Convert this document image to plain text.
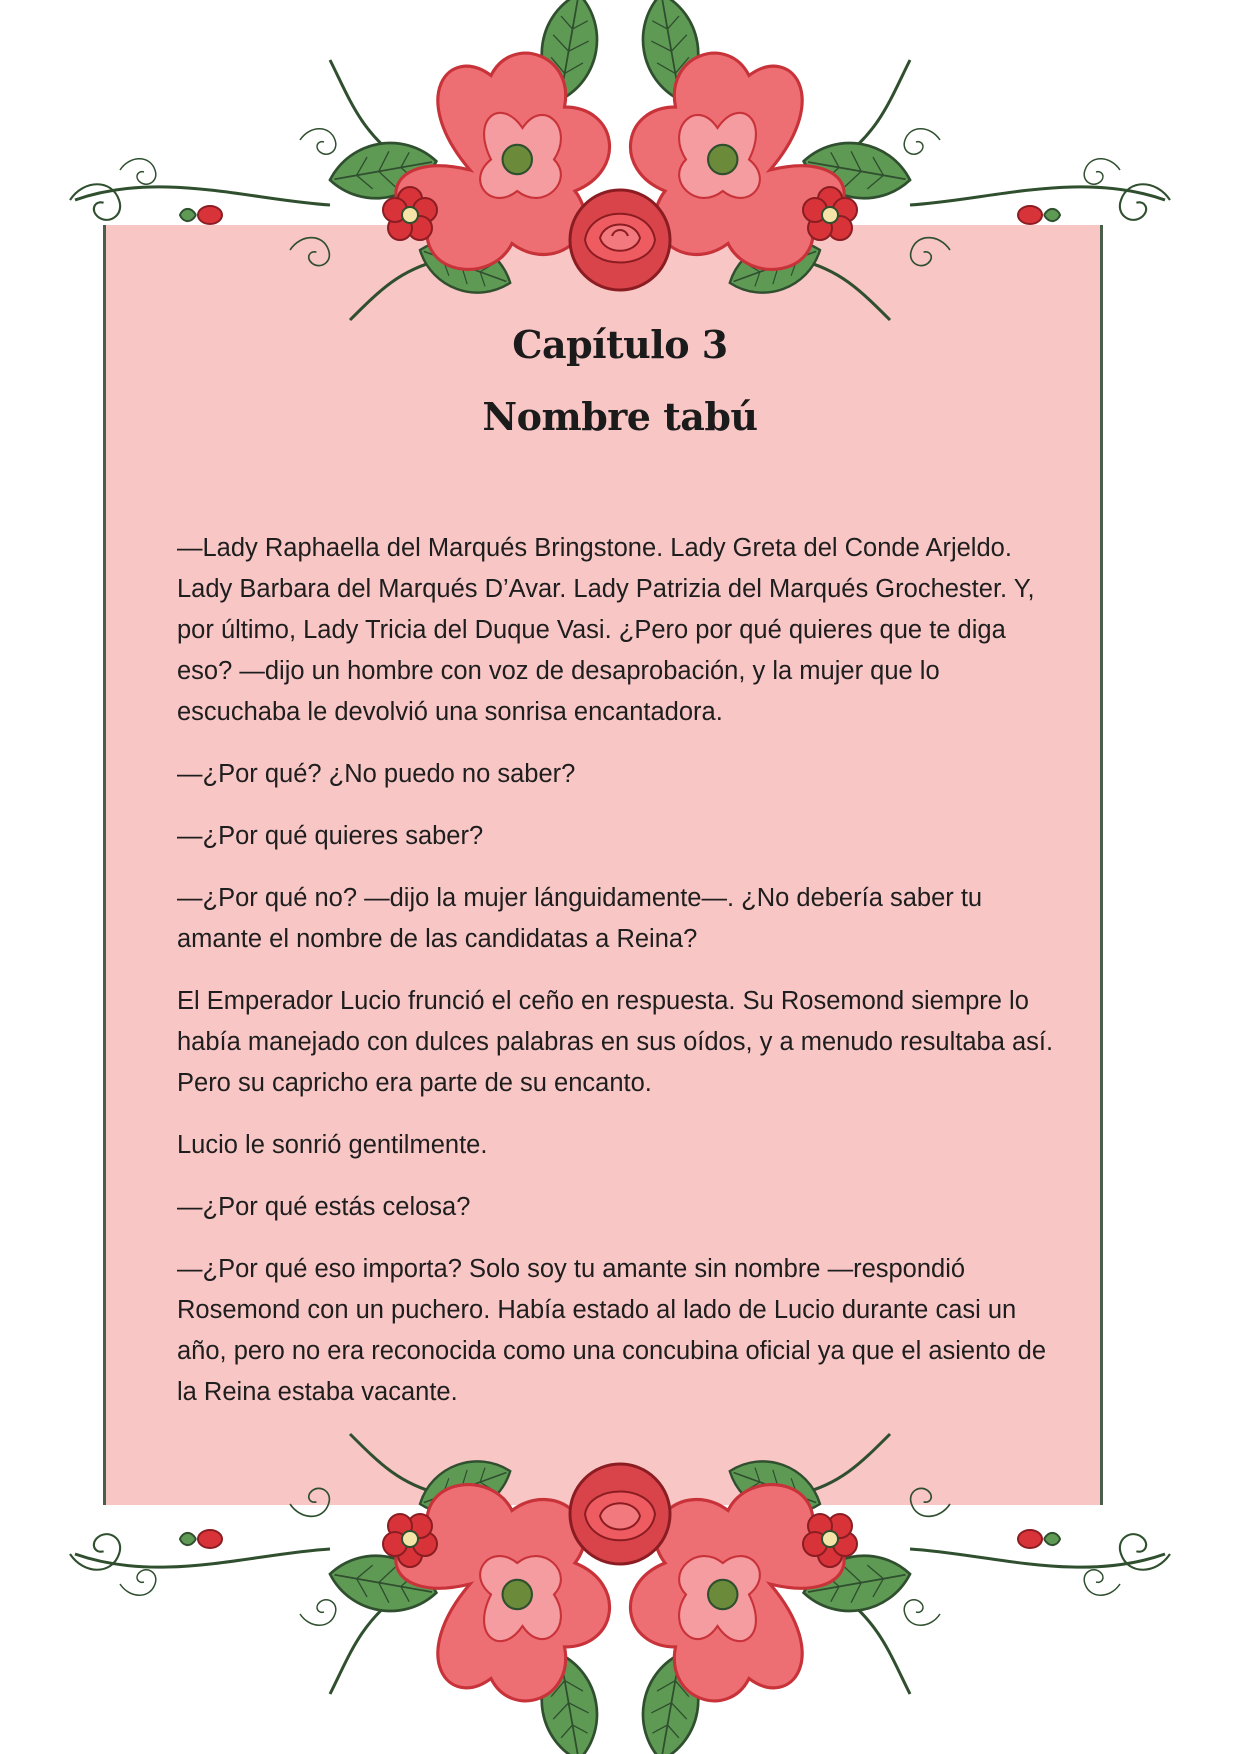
Capítulo 3
Nombre tabú

—Lady Raphaella del Marqués Bringstone. Lady Greta del Conde Arjeldo. Lady Barbara del Marqués D’Avar. Lady Patrizia del Marqués Grochester. Y, por último, Lady Tricia del Duque Vasi. ¿Pero por qué quieres que te diga eso? —dijo un hombre con voz de desaprobación, y la mujer que lo escuchaba le devolvió una sonrisa encantadora.

—¿Por qué? ¿No puedo no saber?

—¿Por qué quieres saber?

—¿Por qué no? —dijo la mujer lánguidamente—. ¿No debería saber tu amante el nombre de las candidatas a Reina?

El Emperador Lucio frunció el ceño en respuesta. Su Rosemond siempre lo había manejado con dulces palabras en sus oídos, y a menudo resultaba así. Pero su capricho era parte de su encanto.

Lucio le sonrió gentilmente.

—¿Por qué estás celosa?

—¿Por qué eso importa? Solo soy tu amante sin nombre —respondió Rosemond con un puchero. Había estado al lado de Lucio durante casi un año, pero no era reconocida como una concubina oficial ya que el asiento de la Reina estaba vacante.
